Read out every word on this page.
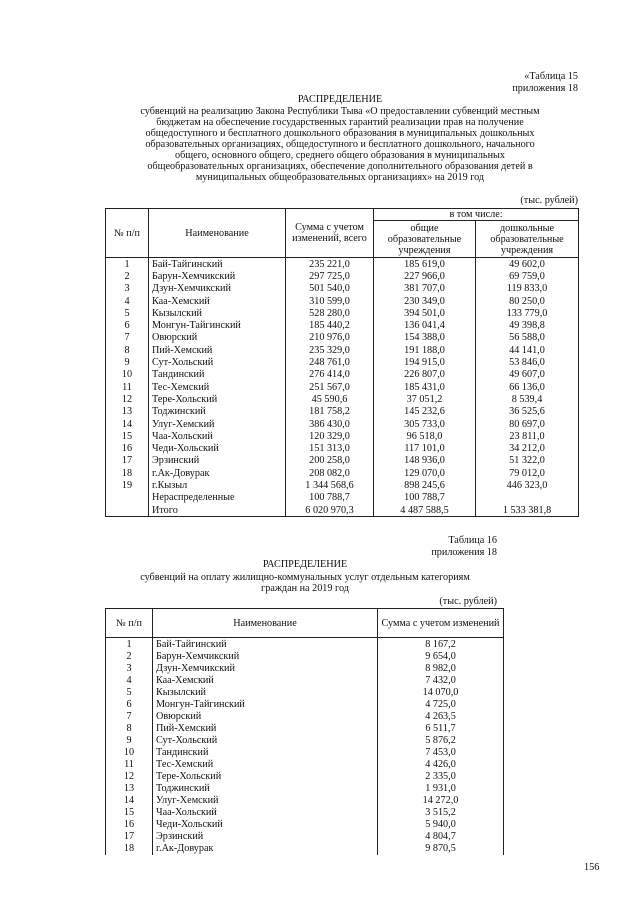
«Таблица 15
приложения 18
РАСПРЕДЕЛЕНИЕ
субвенций на реализацию Закона Республики Тыва «О предоставлении субвенций местным
бюджетам на обеспечение государственных гарантий реализации прав на получение
общедоступного и бесплатного дошкольного образования в муниципальных дошкольных
образовательных организациях, общедоступного и бесплатного дошкольного, начального
общего, основного общего, среднего общего образования в муниципальных
общеобразовательных организациях, обеспечение дополнительного образования детей в
муниципальных общеобразовательных организациях» на 2019 год
(тыс. рублей)
№ п/п	Наименование	Сумма с учетом изменений, всего	в том числе:	
			общие образовательные учреждения	дошкольные образовательные учреждения
1	Бай-Тайгинский	235 221,0	185 619,0	49 602,0
2	Барун-Хемчикский	297 725,0	227 966,0	69 759,0
3	Дзун-Хемчикский	501 540,0	381 707,0	119 833,0
4	Каа-Хемский	310 599,0	230 349,0	80 250,0
5	Кызылский	528 280,0	394 501,0	133 779,0
6	Монгун-Тайгинский	185 440,2	136 041,4	49 398,8
7	Овюрский	210 976,0	154 388,0	56 588,0
8	Пий-Хемский	235 329,0	191 188,0	44 141,0
9	Сут-Хольский	248 761,0	194 915,0	53 846,0
10	Тандинский	276 414,0	226 807,0	49 607,0
11	Тес-Хемский	251 567,0	185 431,0	66 136,0
12	Тере-Хольский	45 590,6	37 051,2	8 539,4
13	Тоджинский	181 758,2	145 232,6	36 525,6
14	Улуг-Хемский	386 430,0	305 733,0	80 697,0
15	Чаа-Хольский	120 329,0	96 518,0	23 811,0
16	Чеди-Хольский	151 313,0	117 101,0	34 212,0
17	Эрзинский	200 258,0	148 936,0	51 322,0
18	г.Ак-Довурак	208 082,0	129 070,0	79 012,0
19	г.Кызыл	1 344 568,6	898 245,6	446 323,0
	Нераспределенные	100 788,7	100 788,7	
	Итого	6 020 970,3	4 487 588,5	1 533 381,8
Таблица 16
приложения 18
РАСПРЕДЕЛЕНИЕ
субвенций на оплату жилищно-коммунальных услуг отдельным категориям
граждан на 2019 год
(тыс. рублей)
№ п/п	Наименование	Сумма с учетом изменений
1	Бай-Тайгинский	8 167,2
2	Барун-Хемчикский	9 654,0
3	Дзун-Хемчикский	8 982,0
4	Каа-Хемский	7 432,0
5	Кызылский	14 070,0
6	Монгун-Тайгинский	4 725,0
7	Овюрский	4 263,5
8	Пий-Хемский	6 511,7
9	Сут-Хольский	5 876,2
10	Тандинский	7 453,0
11	Тес-Хемский	4 426,0
12	Тере-Хольский	2 335,0
13	Тоджинский	1 931,0
14	Улуг-Хемский	14 272,0
15	Чаа-Хольский	3 515,2
16	Чеди-Хольский	5 940,0
17	Эрзинский	4 804,7
18	г.Ак-Довурак	9 870,5
156
